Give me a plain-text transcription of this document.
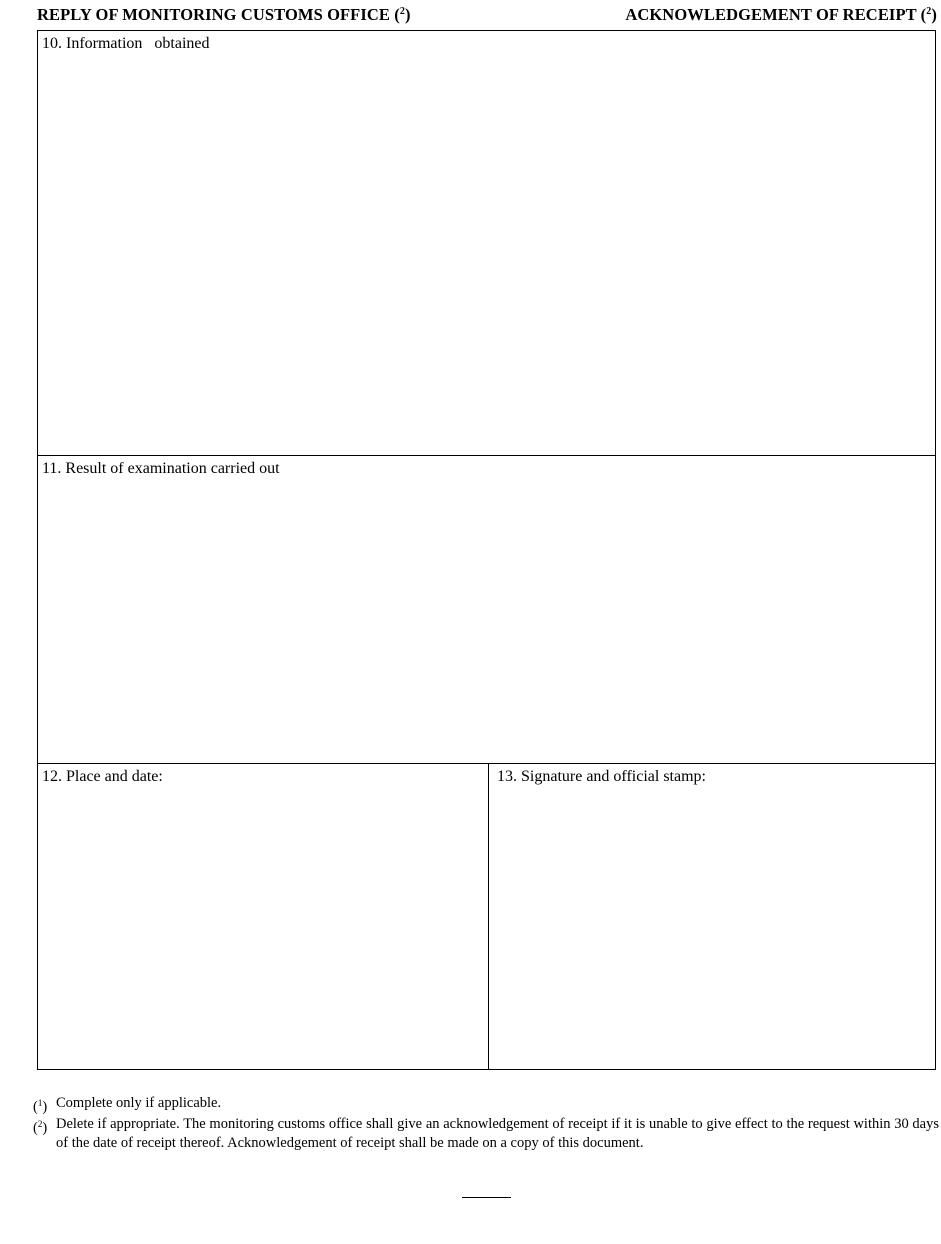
REPLY OF MONITORING CUSTOMS OFFICE ($^2$)	ACKNOWLEDGEMENT OF RECEIPT ($^2$)
10. Information   obtained
11. Result of examination carried out
12. Place and date:	13. Signature and official stamp:
($^1$) Complete only if applicable.
($^2$) Delete if appropriate. The monitoring customs office shall give an acknowledgement of receipt if it is unable to give effect to the request within 30 days of the date of receipt thereof. Acknowledgement of receipt shall be made on a copy of this document.
